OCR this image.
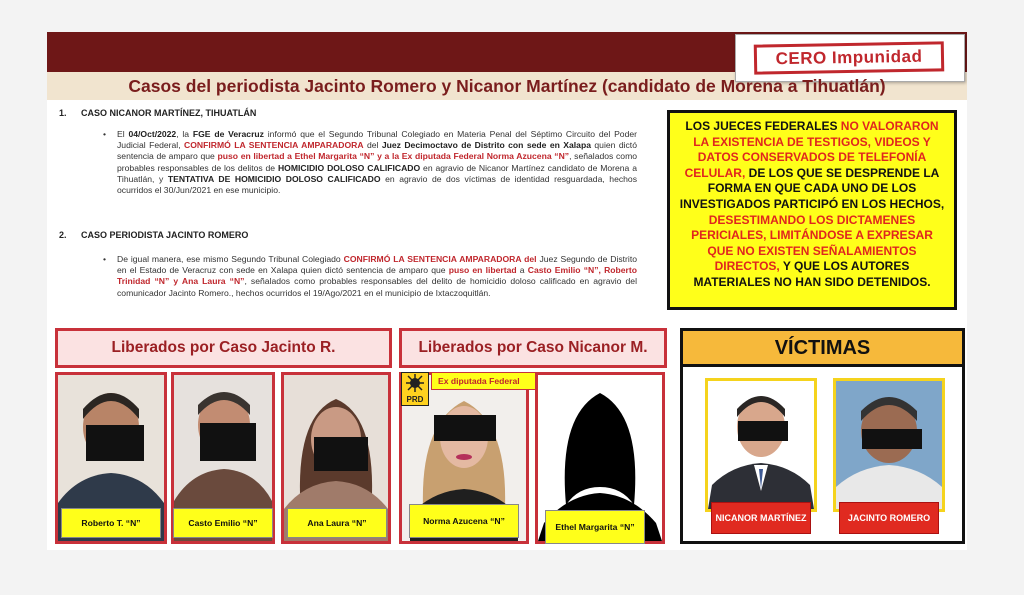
CERO Impunidad
Casos del periodista Jacinto Romero y Nicanor Martínez (candidato de Morena a Tihuatlán)
1. CASO NICANOR MARTÍNEZ, TIHUATLÁN
• El 04/Oct/2022, la FGE de Veracruz informó que el Segundo Tribunal Colegiado en Materia Penal del Séptimo Circuito del Poder Judicial Federal, CONFIRMÓ LA SENTENCIA AMPARADORA del Juez Decimoctavo de Distrito con sede en Xalapa quien dictó sentencia de amparo que puso en libertad a Ethel Margarita “N” y a la Ex diputada Federal Norma Azucena “N”, señalados como probables responsables de los delitos de HOMICIDIO DOLOSO CALIFICADO en agravio de Nicanor Martínez candidato de Morena a Tihuatlán, y TENTATIVA DE HOMICIDIO DOLOSO CALIFICADO en agravio de dos víctimas de identidad resguardada, hechos ocurridos el 30/Jun/2021 en ese municipio.
2. CASO PERIODISTA JACINTO ROMERO
• De igual manera, ese mismo Segundo Tribunal Colegiado CONFIRMÓ LA SENTENCIA AMPARADORA del Juez Segundo de Distrito en el Estado de Veracruz con sede en Xalapa quien dictó sentencia de amparo que puso en libertad a Casto Emilio “N”, Roberto Trinidad “N” y Ana Laura “N”, señalados como probables responsables del delito de homicidio doloso calificado en agravio del comunicador Jacinto Romero., hechos ocurridos el 19/Ago/2021 en el municipio de Ixtaczoquitlán.
LOS JUECES FEDERALES NO VALORARON LA EXISTENCIA DE TESTIGOS, VIDEOS Y DATOS CONSERVADOS DE TELEFONÍA CELULAR, DE LOS QUE SE DESPRENDE LA FORMA EN QUE CADA UNO DE LOS INVESTIGADOS PARTICIPÓ EN LOS HECHOS, DESESTIMANDO LOS DICTAMENES PERICIALES, LIMITÁNDOSE A EXPRESAR QUE NO EXISTEN SEÑALAMIENTOS DIRECTOS, Y QUE LOS AUTORES MATERIALES NO HAN SIDO DETENIDOS.
Liberados por Caso Jacinto R.	Liberados por Caso Nicanor M.
Roberto T. “N”	Casto Emilio “N”	Ana Laura “N”
PRD
Ex diputada Federal
Norma Azucena “N”
Ethel Margarita “N”
VÍCTIMAS
NICANOR MARTÍNEZ	JACINTO ROMERO
